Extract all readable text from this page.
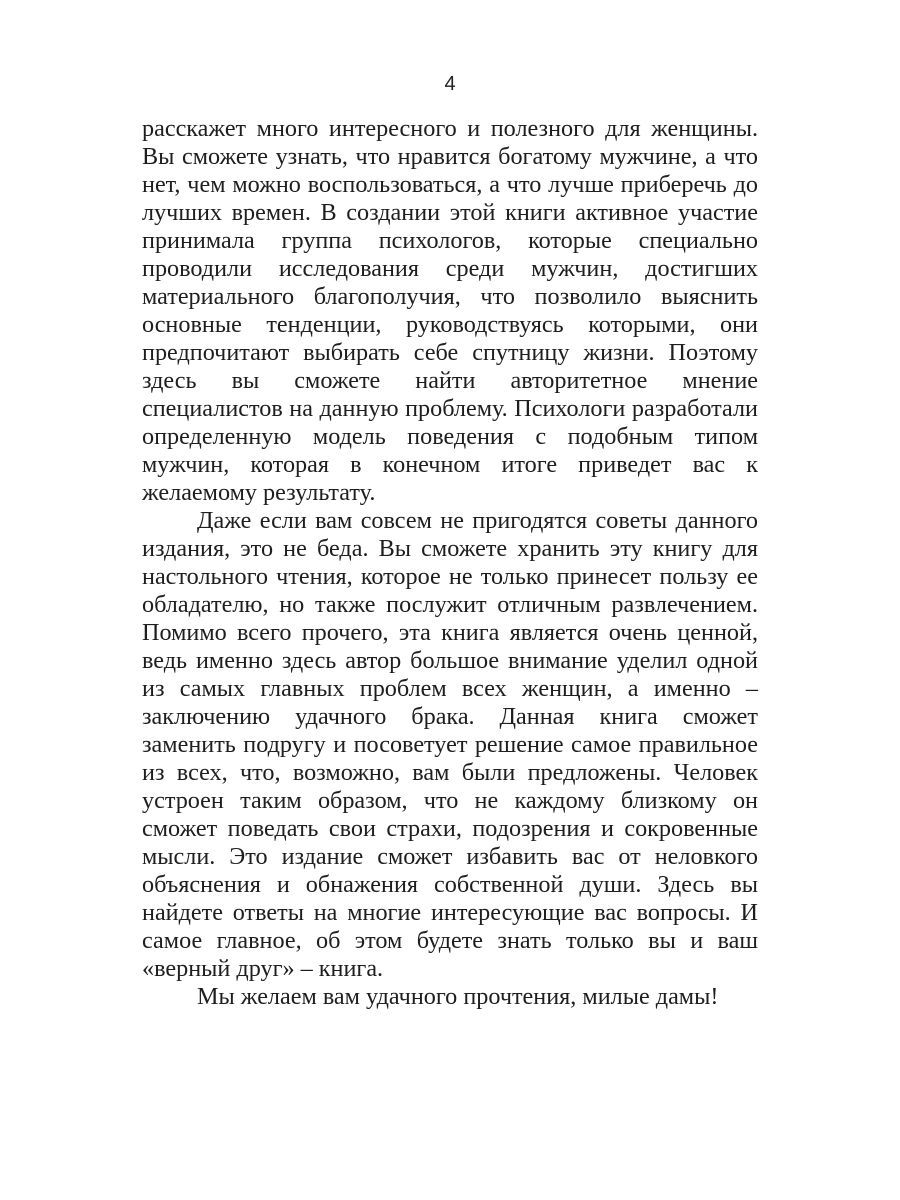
4

расскажет много интересного и полезного для женщины. Вы сможете узнать, что нравится богатому мужчине, а что нет, чем можно воспользоваться, а что лучше приберечь до лучших времен. В создании этой книги активное участие принимала группа психологов, которые специально проводили исследования среди мужчин, достигших материального благополучия, что позволило выяснить основные тенденции, руководствуясь которыми, они предпочитают выбирать себе спутницу жизни. Поэтому здесь вы сможете найти авторитетное мнение специалистов на данную проблему. Психологи разработали определенную модель поведения с подобным типом мужчин, которая в конечном итоге приведет вас к желаемому результату.

Даже если вам совсем не пригодятся советы данного издания, это не беда. Вы сможете хранить эту книгу для настольного чтения, которое не только принесет пользу ее обладателю, но также послужит отличным развлечением. Помимо всего прочего, эта книга является очень ценной, ведь именно здесь автор большое внимание уделил одной из самых главных проблем всех женщин, а именно – заключению удачного брака. Данная книга сможет заменить подругу и посоветует решение самое правильное из всех, что, возможно, вам были предложены. Человек устроен таким образом, что не каждому близкому он сможет поведать свои страхи, подозрения и сокровенные мысли. Это издание сможет избавить вас от неловкого объяснения и обнажения собственной души. Здесь вы найдете ответы на многие интересующие вас вопросы. И самое главное, об этом будете знать только вы и ваш «верный друг» – книга.

Мы желаем вам удачного прочтения, милые дамы!
